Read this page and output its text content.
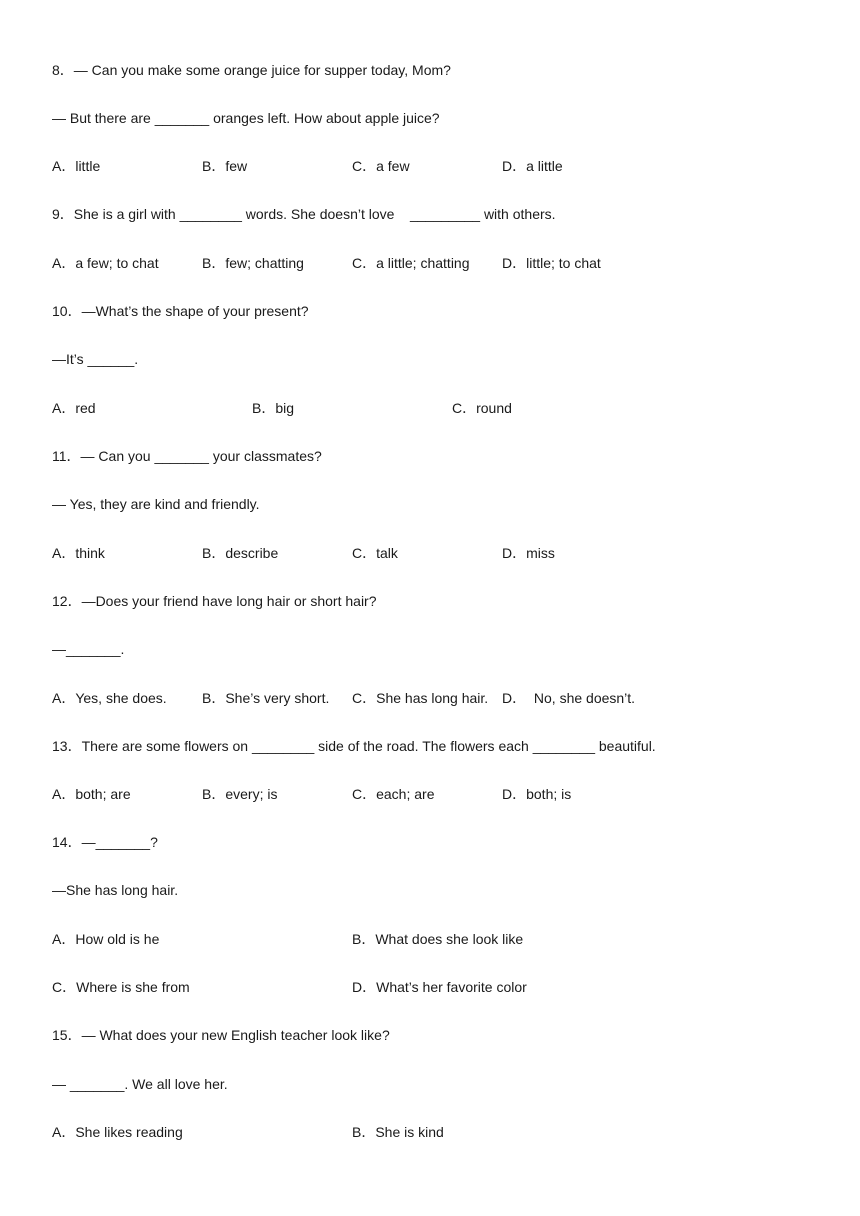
8．— Can you make some orange juice for supper today, Mom?
— But there are _______ oranges left. How about apple juice?
A．little	B．few	C．a few	D．a little
9．She is a girl with ________ words. She doesn’t love    _________ with others.
A．a few; to chat	B．few; chatting	C．a little; chatting D．little; to chat
10．—What’s the shape of your present?
—It’s ______.
A．red	B．big	C．round
11．— Can you _______ your classmates?
— Yes, they are kind and friendly.
A．think	B．describe	C．talk	D．miss
12．—Does your friend have long hair or short hair?
—_______.
A．Yes, she does.	B．She’s very short. C．She has long hair. D．  No, she doesn’t.
13．There are some flowers on ________ side of the road. The flowers each ________ beautiful.
A．both; are	B．every; is	C．each; are	D．both; is
14．—_______?
—She has long hair.
A．How old is he	B．What does she look like
C．Where is she from	D．What’s her favorite color
15．— What does your new English teacher look like?
— _______. We all love her.
A．She likes reading	B．She is kind
